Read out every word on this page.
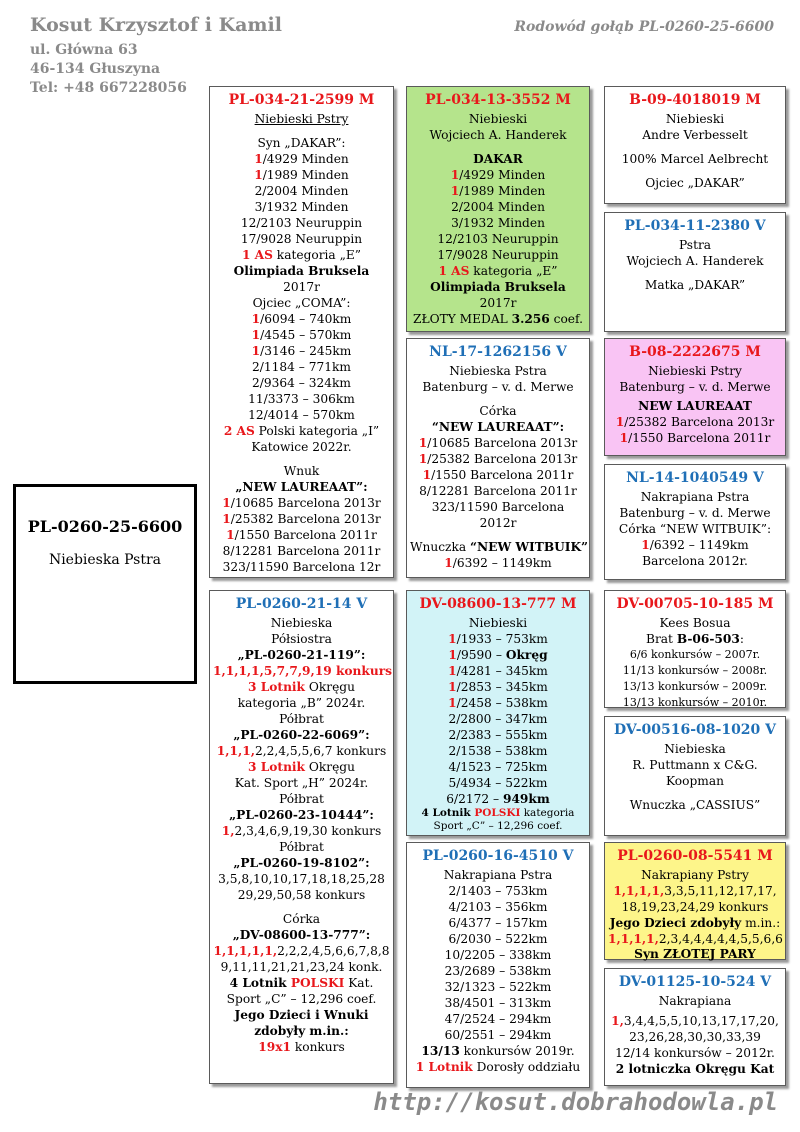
Kosut Krzysztof i Kamil
ul. Główna 63
46-134 Głuszyna
Tel: +48 667228056
Rodowód gołąb PL-0260-25-6600
PL-0260-25-6600
Niebieska Pstra
PL-034-21-2599 M
Niebieski Pstry
Syn „DAKAR”:
1/4929 Minden
1/1989 Minden
2/2004 Minden
3/1932 Minden
12/2103 Neuruppin
17/9028 Neuruppin
1 AS kategoria „E”
Olimpiada Bruksela
2017r
Ojciec „COMA”:
1/6094 – 740km
1/4545 – 570km
1/3146 – 245km
2/1184 – 771km
2/9364 – 324km
11/3373 – 306km
12/4014 – 570km
2 AS Polski kategoria „I”
Katowice 2022r.
Wnuk
„NEW LAUREAAT”:
1/10685 Barcelona 2013r
1/25382 Barcelona 2013r
1/1550 Barcelona 2011r
8/12281 Barcelona 2011r
323/11590 Barcelona 12r
PL-0260-21-14 V
Niebieska
Półsiostra
„PL-0260-21-119”:
1,1,1,1,5,7,7,9,19 konkurs
3 Lotnik Okręgu
kategoria „B” 2024r.
Półbrat
„PL-0260-22-6069”:
1,1,1,2,2,4,5,5,6,7 konkurs
3 Lotnik Okręgu
Kat. Sport „H” 2024r.
Półbrat
„PL-0260-23-10444”:
1,2,3,4,6,9,19,30 konkurs
Półbrat
„PL-0260-19-8102”:
3,5,8,10,10,17,18,18,25,28
29,29,50,58 konkurs
Córka
„DV-08600-13-777”:
1,1,1,1,1,2,2,2,4,5,6,6,7,8,8
9,11,11,21,21,23,24 konk.
4 Lotnik POLSKI Kat.
Sport „C” – 12,296 coef.
Jego Dzieci i Wnuki
zdobyły m.in.:
19x1 konkurs
PL-034-13-3552 M
Niebieski
Wojciech A. Handerek
DAKAR
1/4929 Minden
1/1989 Minden
2/2004 Minden
3/1932 Minden
12/2103 Neuruppin
17/9028 Neuruppin
1 AS kategoria „E”
Olimpiada Bruksela
2017r
ZŁOTY MEDAL 3.256 coef.
NL-17-1262156 V
Niebieska Pstra
Batenburg – v. d. Merwe
Córka
“NEW LAUREAAT”:
1/10685 Barcelona 2013r
1/25382 Barcelona 2013r
1/1550 Barcelona 2011r
8/12281 Barcelona 2011r
323/11590 Barcelona
2012r
Wnuczka “NEW WITBUIK”
1/6392 – 1149km
DV-08600-13-777 M
Niebieski
1/1933 – 753km
1/9590 – Okręg
1/4281 – 345km
1/2853 – 345km
1/2458 – 538km
2/2800 – 347km
2/2383 – 555km
2/1538 – 538km
4/1523 – 725km
5/4934 – 522km
6/2172 – 949km
4 Lotnik POLSKI kategoria
Sport „C” – 12,296 coef.
PL-0260-16-4510 V
Nakrapiana Pstra
2/1403 – 753km
4/2103 – 356km
6/4377 – 157km
6/2030 – 522km
10/2205 – 338km
23/2689 – 538km
32/1323 – 522km
38/4501 – 313km
47/2524 – 294km
60/2551 – 294km
13/13 konkursów 2019r.
1 Lotnik Dorosły oddziału
B-09-4018019 M
Niebieski
Andre Verbesselt
100% Marcel Aelbrecht
Ojciec „DAKAR”
PL-034-11-2380 V
Pstra
Wojciech A. Handerek
Matka „DAKAR”
B-08-2222675 M
Niebieski Pstry
Batenburg – v. d. Merwe
NEW LAUREAAT
1/25382 Barcelona 2013r
1/1550 Barcelona 2011r
NL-14-1040549 V
Nakrapiana Pstra
Batenburg – v. d. Merwe
Córka “NEW WITBUIK”:
1/6392 – 1149km
Barcelona 2012r.
DV-00705-10-185 M
Kees Bosua
Brat B-06-503:
6/6 konkursów – 2007r.
11/13 konkursów – 2008r.
13/13 konkursów – 2009r.
13/13 konkursów – 2010r.
DV-00516-08-1020 V
Niebieska
R. Puttmann x C&G.
Koopman
Wnuczka „CASSIUS”
PL-0260-08-5541 M
Nakrapiany Pstry
1,1,1,1,3,3,5,11,12,17,17,
18,19,23,24,29 konkurs
Jego Dzieci zdobyły m.in.:
1,1,1,1,2,3,4,4,4,4,4,5,5,6,6
Syn ZŁOTEJ PARY
DV-01125-10-524 V
Nakrapiana
1,3,4,4,5,5,10,13,17,17,20,
23,26,28,30,30,33,39
12/14 konkursów – 2012r.
2 lotniczka Okręgu Kat
http://kosut.dobrahodowla.pl
